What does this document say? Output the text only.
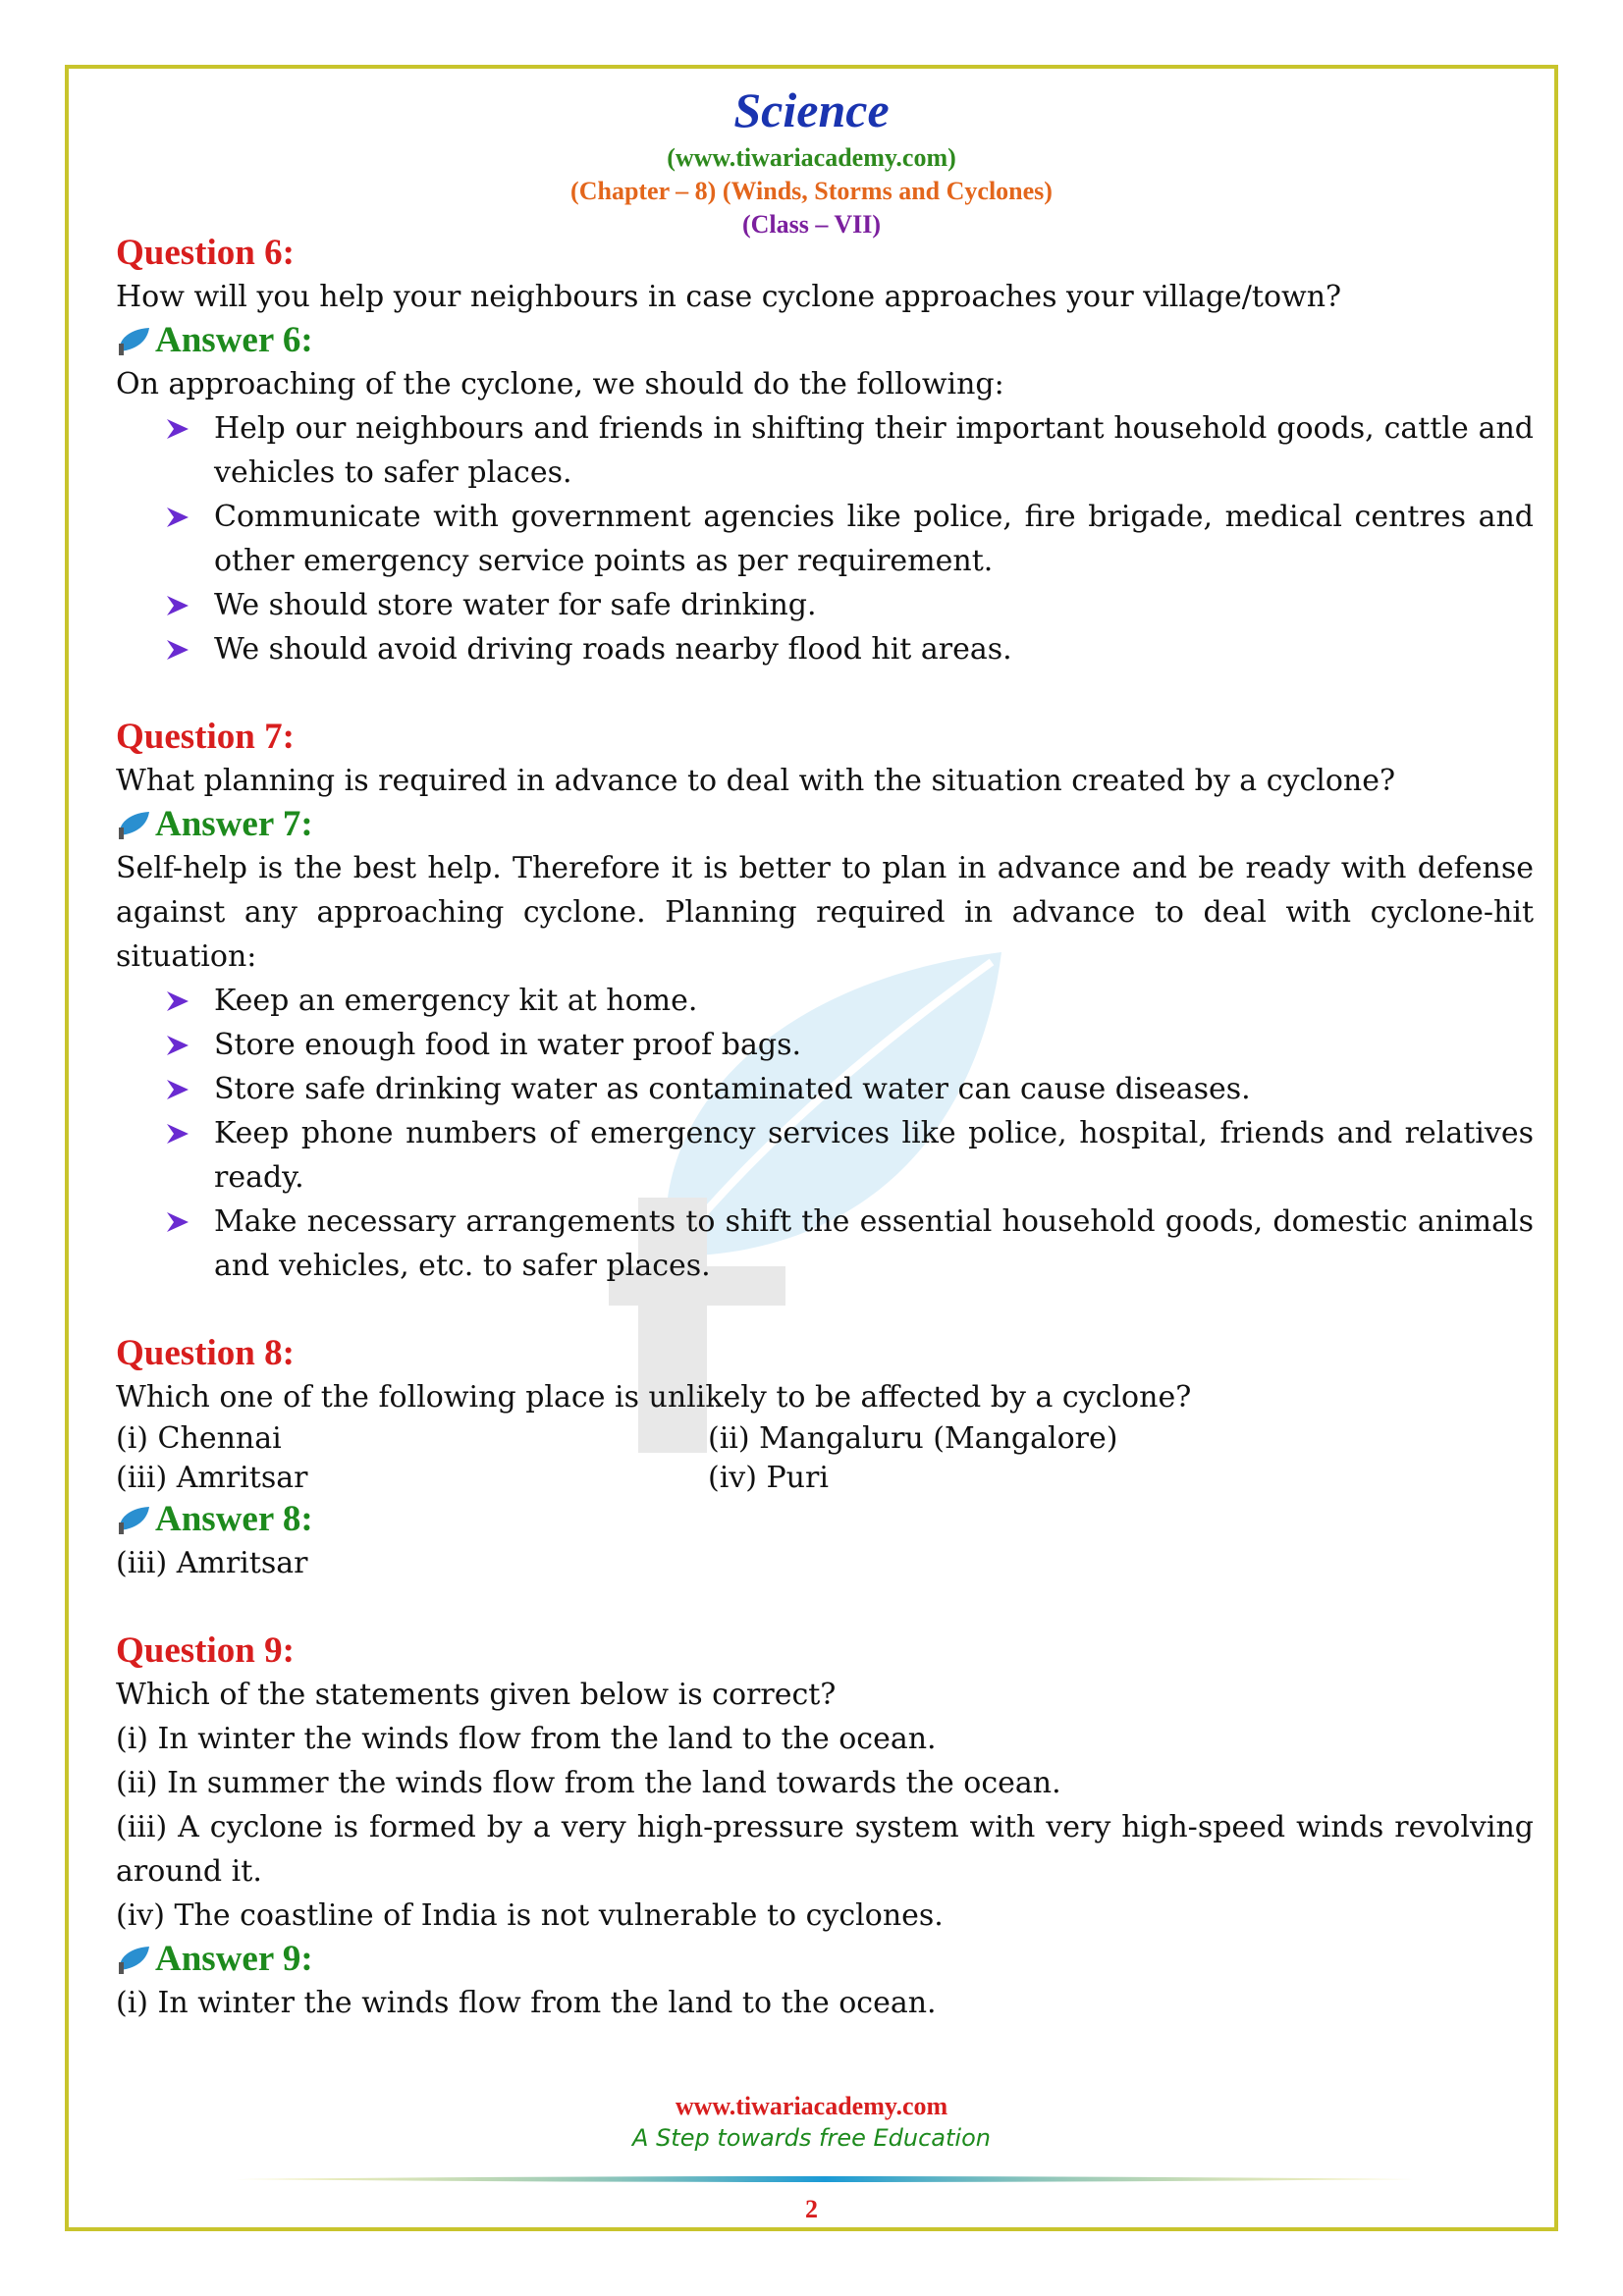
Science
(www.tiwariacademy.com)
(Chapter – 8) (Winds, Storms and Cyclones)
(Class – VII)

Question 6:

How will you help your neighbours in case cyclone approaches your village/town?

Answer 6:

On approaching of the cyclone, we should do the following:

Help our neighbours and friends in shifting their important household goods, cattle and vehicles to safer places.
Communicate with government agencies like police, fire brigade, medical centres and other emergency service points as per requirement.
We should store water for safe drinking.
We should avoid driving roads nearby flood hit areas.

Question 7:

What planning is required in advance to deal with the situation created by a cyclone?

Answer 7:

Self-help is the best help. Therefore it is better to plan in advance and be ready with defense against any approaching cyclone. Planning required in advance to deal with cyclone-hit situation:

Keep an emergency kit at home.
Store enough food in water proof bags.
Store safe drinking water as contaminated water can cause diseases.
Keep phone numbers of emergency services like police, hospital, friends and relatives ready.
Make necessary arrangements to shift the essential household goods, domestic animals and vehicles, etc. to safer places.

Question 8:

Which one of the following place is unlikely to be affected by a cyclone?

(i) Chennai	(ii) Mangaluru (Mangalore)
(iii) Amritsar	(iv) Puri

Answer 8:

(iii) Amritsar

Question 9:

Which of the statements given below is correct?

(i) In winter the winds flow from the land to the ocean.

(ii) In summer the winds flow from the land towards the ocean.

(iii) A cyclone is formed by a very high-pressure system with very high-speed winds revolving around it.

(iv) The coastline of India is not vulnerable to cyclones.

Answer 9:

(i) In winter the winds flow from the land to the ocean.

www.tiwariacademy.com
A Step towards free Education
2
